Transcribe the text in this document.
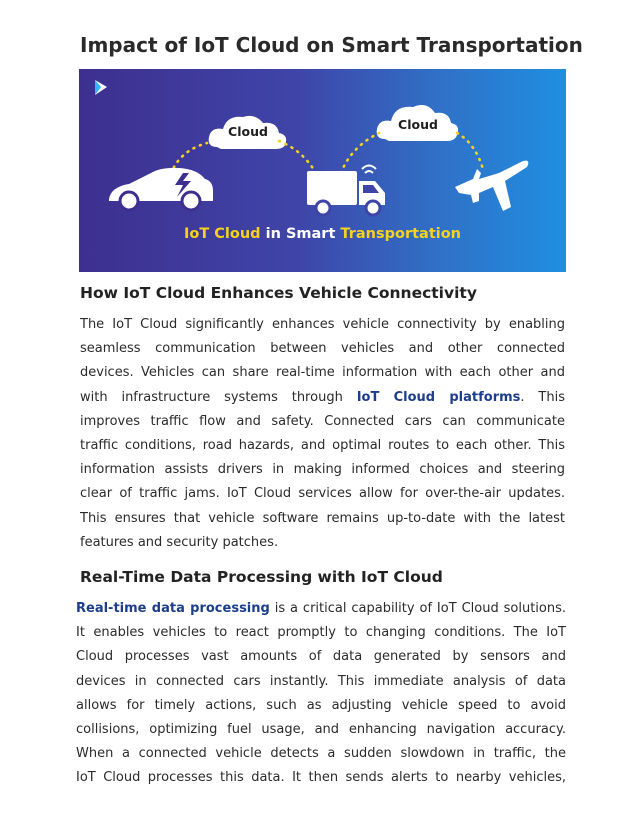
Impact of IoT Cloud on Smart Transportation
Cloud	Cloud
IoT Cloud in Smart Transportation
How IoT Cloud Enhances Vehicle Connectivity
The IoT Cloud significantly enhances vehicle connectivity by enabling
seamless communication between vehicles and other connected
devices. Vehicles can share real-time information with each other and
with infrastructure systems through IoT Cloud platforms. This
improves traffic flow and safety. Connected cars can communicate
traffic conditions, road hazards, and optimal routes to each other. This
information assists drivers in making informed choices and steering
clear of traffic jams. IoT Cloud services allow for over-the-air updates.
This ensures that vehicle software remains up-to-date with the latest
features and security patches.
Real-Time Data Processing with IoT Cloud
Real-time data processing is a critical capability of IoT Cloud solutions.
It enables vehicles to react promptly to changing conditions. The IoT
Cloud processes vast amounts of data generated by sensors and
devices in connected cars instantly. This immediate analysis of data
allows for timely actions, such as adjusting vehicle speed to avoid
collisions, optimizing fuel usage, and enhancing navigation accuracy.
When a connected vehicle detects a sudden slowdown in traffic, the
IoT Cloud processes this data. It then sends alerts to nearby vehicles,
